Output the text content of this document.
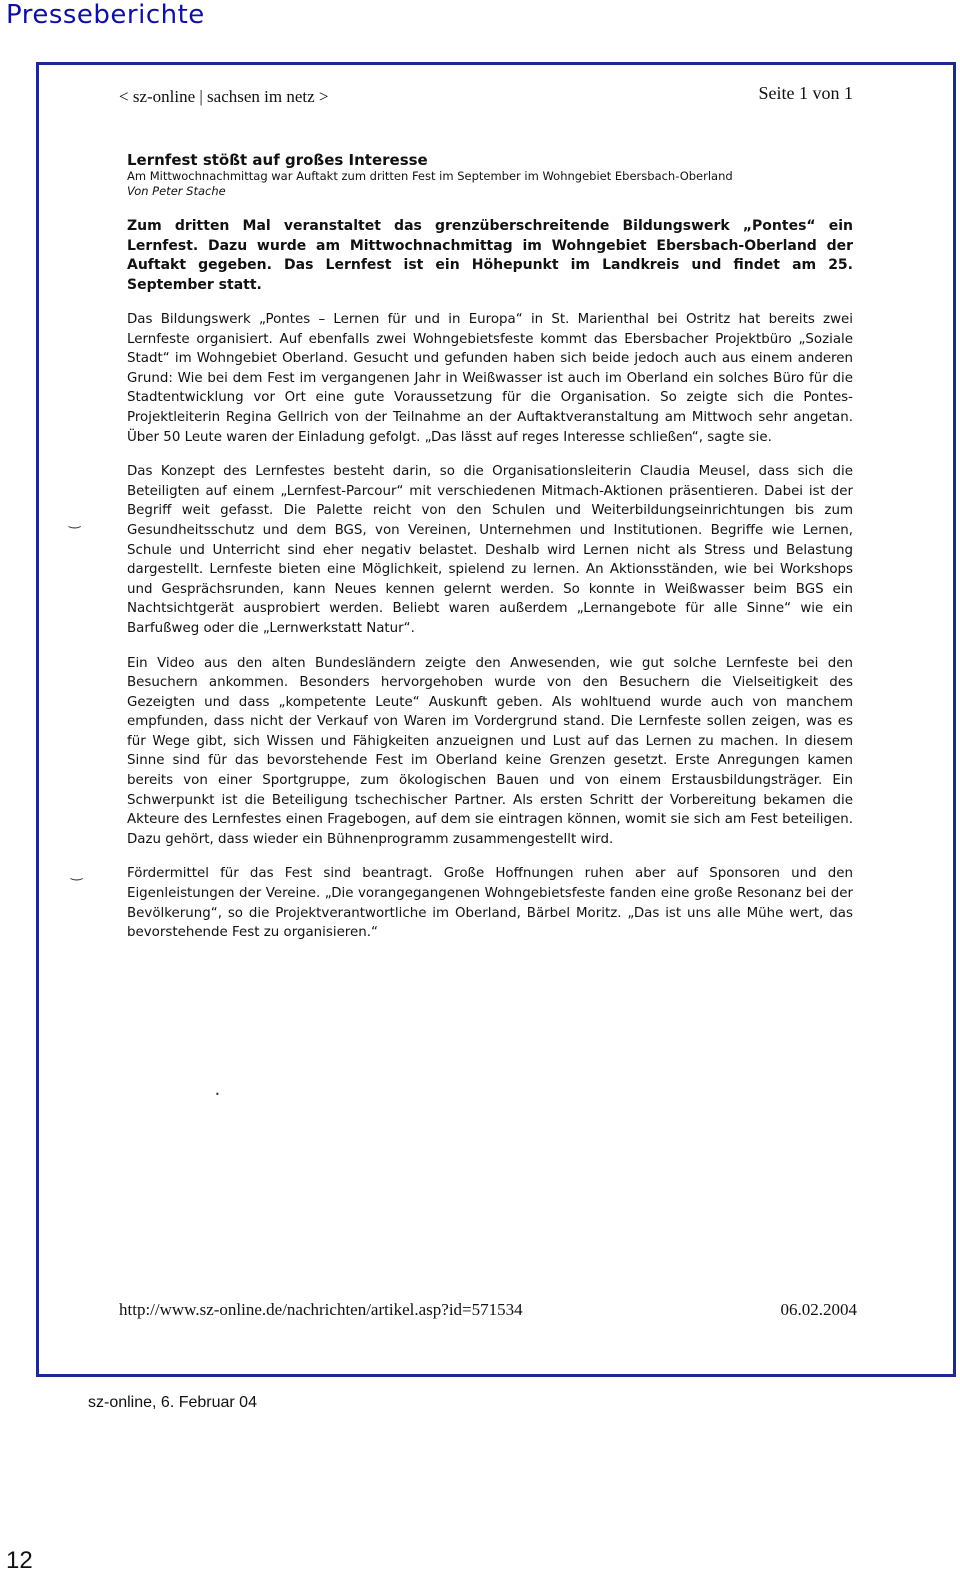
Presseberichte
< sz-online | sachsen im netz >	Seite 1 von 1

Lernfest stößt auf großes Interesse

Am Mittwochnachmittag war Auftakt zum dritten Fest im September im Wohngebiet Ebersbach-Oberland

Von Peter Stache

Zum dritten Mal veranstaltet das grenzüberschreitende Bildungswerk „Pontes“ ein Lernfest. Dazu wurde am Mittwochnachmittag im Wohngebiet Ebersbach-Oberland der Auftakt gegeben. Das Lernfest ist ein Höhepunkt im Landkreis und findet am 25. September statt.

Das Bildungswerk „Pontes – Lernen für und in Europa“ in St. Marienthal bei Ostritz hat bereits zwei Lernfeste organisiert. Auf ebenfalls zwei Wohngebietsfeste kommt das Ebersbacher Projektbüro „Soziale Stadt“ im Wohngebiet Oberland. Gesucht und gefunden haben sich beide jedoch auch aus einem anderen Grund: Wie bei dem Fest im vergangenen Jahr in Weißwasser ist auch im Oberland ein solches Büro für die Stadtentwicklung vor Ort eine gute Voraussetzung für die Organisation. So zeigte sich die Pontes-Projektleiterin Regina Gellrich von der Teilnahme an der Auftaktveranstaltung am Mittwoch sehr angetan. Über 50 Leute waren der Einladung gefolgt. „Das lässt auf reges Interesse schließen“, sagte sie.

Das Konzept des Lernfestes besteht darin, so die Organisationsleiterin Claudia Meusel, dass sich die Beteiligten auf einem „Lernfest-Parcour“ mit verschiedenen Mitmach-Aktionen präsentieren. Dabei ist der Begriff weit gefasst. Die Palette reicht von den Schulen und Weiterbildungseinrichtungen bis zum Gesundheitsschutz und dem BGS, von Vereinen, Unternehmen und Institutionen. Begriffe wie Lernen, Schule und Unterricht sind eher negativ belastet. Deshalb wird Lernen nicht als Stress und Belastung dargestellt. Lernfeste bieten eine Möglichkeit, spielend zu lernen. An Aktionsständen, wie bei Workshops und Gesprächsrunden, kann Neues kennen gelernt werden. So konnte in Weißwasser beim BGS ein Nachtsichtgerät ausprobiert werden. Beliebt waren außerdem „Lernangebote für alle Sinne“ wie ein Barfußweg oder die „Lernwerkstatt Natur“.

Ein Video aus den alten Bundesländern zeigte den Anwesenden, wie gut solche Lernfeste bei den Besuchern ankommen. Besonders hervorgehoben wurde von den Besuchern die Vielseitigkeit des Gezeigten und dass „kompetente Leute“ Auskunft geben. Als wohltuend wurde auch von manchem empfunden, dass nicht der Verkauf von Waren im Vordergrund stand. Die Lernfeste sollen zeigen, was es für Wege gibt, sich Wissen und Fähigkeiten anzueignen und Lust auf das Lernen zu machen. In diesem Sinne sind für das bevorstehende Fest im Oberland keine Grenzen gesetzt. Erste Anregungen kamen bereits von einer Sportgruppe, zum ökologischen Bauen und von einem Erstausbildungsträger. Ein Schwerpunkt ist die Beteiligung tschechischer Partner. Als ersten Schritt der Vorbereitung bekamen die Akteure des Lernfestes einen Fragebogen, auf dem sie eintragen können, womit sie sich am Fest beteiligen. Dazu gehört, dass wieder ein Bühnenprogramm zusammengestellt wird.

Fördermittel für das Fest sind beantragt. Große Hoffnungen ruhen aber auf Sponsoren und den Eigenleistungen der Vereine. „Die vorangegangenen Wohngebietsfeste fanden eine große Resonanz bei der Bevölkerung“, so die Projektverantwortliche im Oberland, Bärbel Moritz. „Das ist uns alle Mühe wert, das bevorstehende Fest zu organisieren.“

‿
‿
•
http://www.sz-online.de/nachrichten/artikel.asp?id=571534	06.02.2004
sz-online, 6. Februar 04
12
